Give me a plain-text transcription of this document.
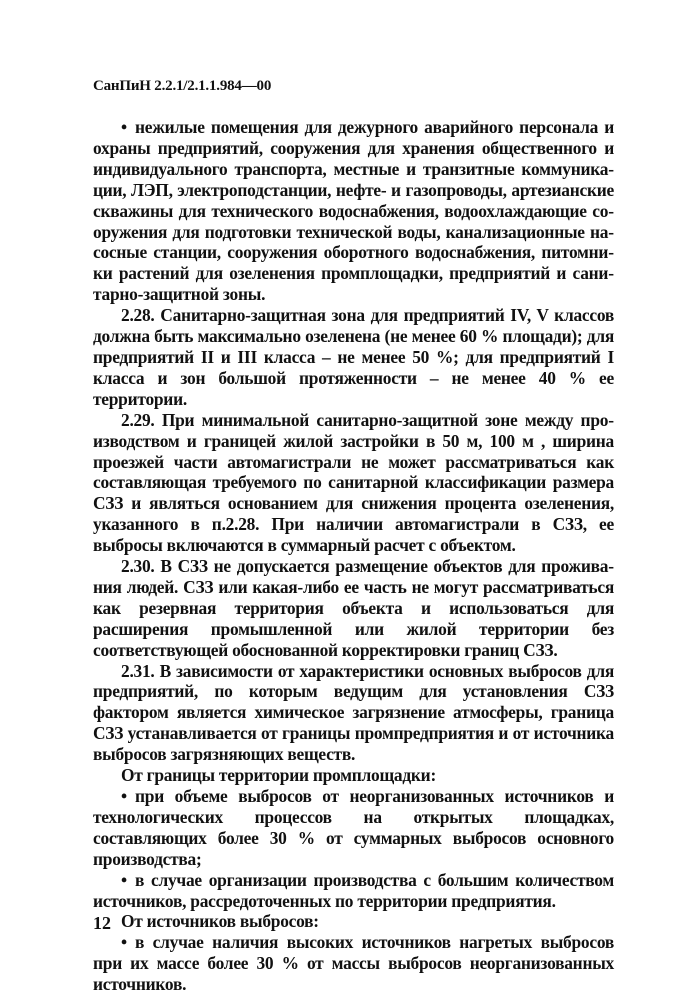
СанПиН 2.2.1/2.1.1.984—00

• нежилые помещения для дежурного аварийного персонала и охраны предприятий, сооружения для хранения общественного и индивидуального транспорта, местные и транзитные коммуникации, ЛЭП, электроподстанции, нефте- и газопроводы, артезианские скважины для технического водоснабжения, водоохлаждающие сооружения для подготовки технической воды, канализационные насосные станции, сооружения оборотного водоснабжения, питомники растений для озеленения промплощадки, предприятий и санитарно-защитной зоны.

2.28. Санитарно-защитная зона для предприятий IV, V классов должна быть максимально озеленена (не менее 60 % площади); для предприятий II и III класса – не менее 50 %; для предприятий I класса и зон большой протяженности – не менее 40 % ее территории.

2.29. При минимальной санитарно-защитной зоне между производством и границей жилой застройки в 50 м, 100 м , ширина проезжей части автомагистрали не может рассматриваться как составляющая требуемого по санитарной классификации размера СЗЗ и являться основанием для снижения процента озеленения, указанного в п.2.28. При наличии автомагистрали в СЗЗ, ее выбросы включаются в суммарный расчет с объектом.

2.30. В СЗЗ не допускается размещение объектов для проживания людей. СЗЗ или какая-либо ее часть не могут рассматриваться как резервная территория объекта и использоваться для расширения промышленной или жилой территории без соответствующей обоснованной корректировки границ СЗЗ.

2.31. В зависимости от характеристики основных выбросов для предприятий, по которым ведущим для установления СЗЗ фактором является химическое загрязнение атмосферы, граница СЗЗ устанавливается от границы промпредприятия и от источника выбросов загрязняющих веществ.

От границы территории промплощадки:

• при объеме выбросов от неорганизованных источников и технологических процессов на открытых площадках, составляющих более 30 % от суммарных выбросов основного производства;

• в случае организации производства с большим количеством источников, рассредоточенных по территории предприятия.

От источников выбросов:

• в случае наличия высоких источников нагретых выбросов при их массе более 30 % от массы выбросов неорганизованных источников.

12
